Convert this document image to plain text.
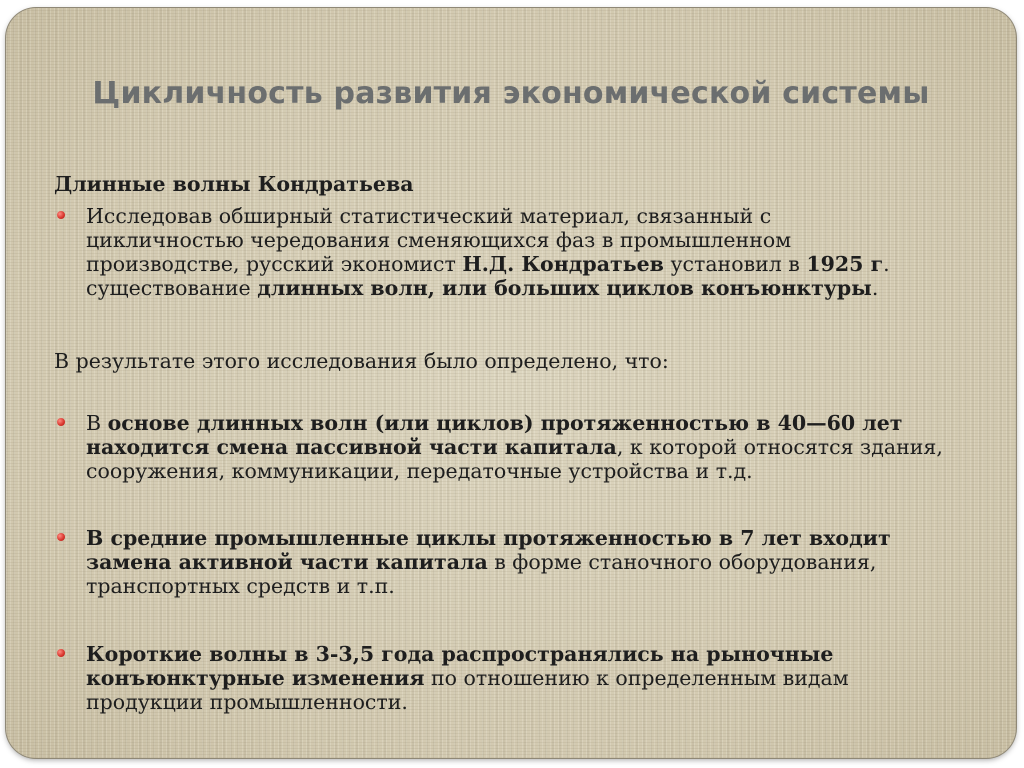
Цикличность развития экономической системы
Длинные волны Кондратьева
Исследовав обширный статистический материал, связанный с
цикличностью чередования сменяющихся фаз в промышленном
производстве, русский экономист Н.Д. Кондратьев установил в 1925 г.
существование длинных волн, или больших циклов конъюнктуры.
В результате этого исследования было определено, что:
В основе длинных волн (или циклов) протяженностью в 40—60 лет
находится смена пассивной части капитала, к которой относятся здания,
сооружения, коммуникации, передаточные устройства и т.д.
В средние промышленные циклы протяженностью в 7 лет входит
замена активной части капитала в форме станочного оборудования,
транспортных средств и т.п.
Короткие волны в 3-3,5 года распространялись на рыночные
конъюнктурные изменения по отношению к определенным видам
продукции промышленности.
